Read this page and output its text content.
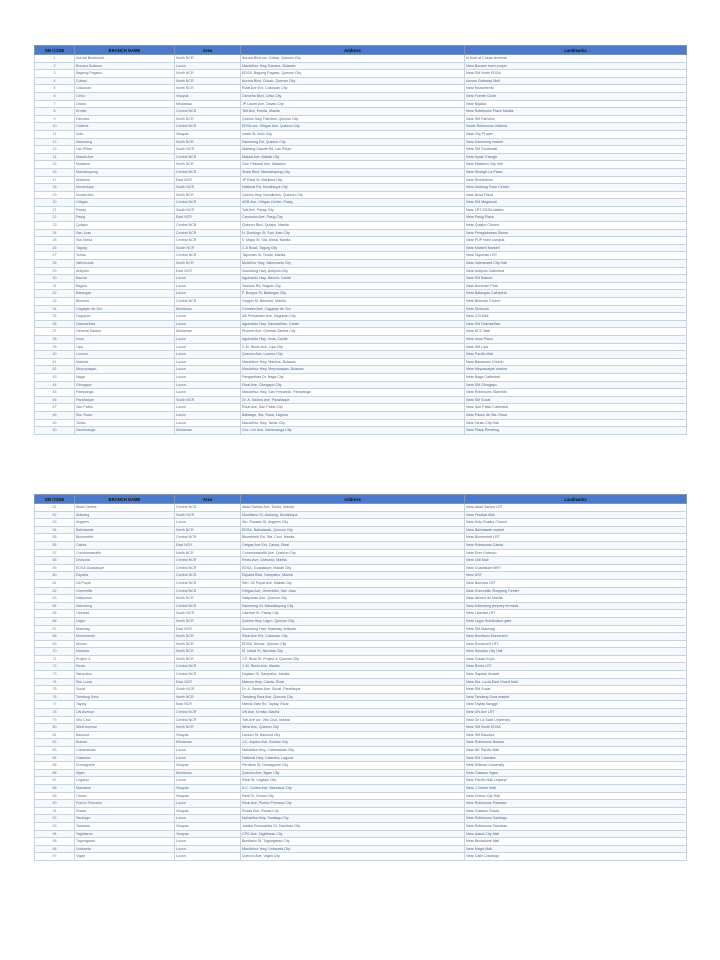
SM CODE	BRANCH NAME	Area	Address	Landmarks
1	Aurora Boulevard	North NCR	Aurora Blvd cor. Cubao, Quezon City	In front of Cubao terminal
2	Bocaue Bulacan	Luzon	MacArthur Hwy, Bocaue, Bulacan	Near Bocaue town proper
3	Bagong Pagasa	North NCR	EDSA, Bagong Pagasa, Quezon City	Near SM North EDSA
4	Cubao	North NCR	Aurora Blvd, Cubao, Quezon City	Across Gateway Mall
5	Caloocan	North NCR	Rizal Ave Ext, Caloocan City	Near Monumento
6	Cebu	Visayas	Osmeña Blvd, Cebu City	Near Fuente Circle
7	Davao	Mindanao	JP Laurel Ave, Davao City	Near Bajada
8	Ermita	Central NCR	Taft Ave, Ermita, Manila	Near Robinsons Place Manila
9	Fairview	North NCR	Quirino Hwy, Fairview, Quezon City	Near SM Fairview
10	Galleria	Central NCR	EDSA cor. Ortigas Ave, Quezon City	Inside Robinsons Galleria
11	Iloilo	Visayas	Iznart St, Iloilo City	Near City Proper
12	Kamuning	North NCR	Kamuning Rd, Quezon City	Near Kamuning market
13	Las Piñas	South NCR	Alabang-Zapote Rd, Las Piñas	Near SM Southmall
14	Makati Ave	Central NCR	Makati Ave, Makati City	Near Ayala Triangle
15	Malabon	North NCR	Gov. Pascual Ave, Malabon	Near Malabon City Hall
16	Mandaluyong	Central NCR	Shaw Blvd, Mandaluyong City	Near Shangri-La Plaza
17	Marikina	East NCR	JP Rizal St, Marikina City	Near Riverbanks
18	Muntinlupa	South NCR	National Rd, Muntinlupa City	Near Alabang Town Center
19	Novaliches	North NCR	Quirino Hwy, Novaliches, Quezon City	Near Nova Plaza
20	Ortigas	Central NCR	ADB Ave, Ortigas Center, Pasig	Near SM Megamall
21	Pasay	South NCR	Taft Ave, Pasay City	Near LRT EDSA station
22	Pasig	East NCR	Caruncho Ave, Pasig City	Near Pasig Plaza
23	Quiapo	Central NCR	Quezon Blvd, Quiapo, Manila	Near Quiapo Church
24	San Juan	Central NCR	N. Domingo St, San Juan City	Near Pinaglabanan Shrine
25	Sta. Mesa	Central NCR	V. Mapa St, Sta. Mesa, Manila	Near PUP main campus
26	Taguig	South NCR	C-5 Road, Taguig City	Near Market! Market!
27	Tondo	Central NCR	Tayuman St, Tondo, Manila	Near Tayuman LRT
28	Valenzuela	North NCR	McArthur Hwy, Valenzuela City	Near Valenzuela City Hall
29	Antipolo	East NCR	Sumulong Hwy, Antipolo City	Near Antipolo Cathedral
30	Bacoor	Luzon	Aguinaldo Hwy, Bacoor, Cavite	Near SM Bacoor
31	Baguio	Luzon	Session Rd, Baguio City	Near Burnham Park
32	Batangas	Luzon	P. Burgos St, Batangas City	Near Batangas Cathedral
33	Binondo	Central NCR	Ongpin St, Binondo, Manila	Near Binondo Church
34	Cagayan de Oro	Mindanao	Corrales Ave, Cagayan de Oro	Near Divisoria
35	Dagupan	Luzon	AB Fernandez Ave, Dagupan City	Near CSI Mall
36	Dasmariñas	Luzon	Aguinaldo Hwy, Dasmariñas, Cavite	Near SM Dasmariñas
37	General Santos	Mindanao	Pioneer Ave, General Santos City	Near KCC Mall
38	Imus	Luzon	Aguinaldo Hwy, Imus, Cavite	Near Imus Plaza
39	Lipa	Luzon	C.M. Recto Ave, Lipa City	Near SM Lipa
40	Lucena	Luzon	Quezon Ave, Lucena City	Near Pacific Mall
41	Malolos	Luzon	MacArthur Hwy, Malolos, Bulacan	Near Barasoain Church
42	Meycauayan	Luzon	MacArthur Hwy, Meycauayan, Bulacan	Near Meycauayan market
43	Naga	Luzon	Panganiban Dr, Naga City	Near Naga Cathedral
44	Olongapo	Luzon	Rizal Ave, Olongapo City	Near SM Olongapo
45	Pampanga	Luzon	MacArthur Hwy, San Fernando, Pampanga	Near Robinsons Starmills
46	Parañaque	South NCR	Dr. A. Santos Ave, Parañaque	Near SM Sucat
47	San Pablo	Luzon	Rizal Ave, San Pablo City	Near San Pablo Cathedral
48	Sta. Rosa	Luzon	Balibago, Sta. Rosa, Laguna	Near Paseo de Sta. Rosa
49	Tarlac	Luzon	MacArthur Hwy, Tarlac City	Near Tarlac City Hall
50	Zamboanga	Mindanao	Gov. Lim Ave, Zamboanga City	Near Plaza Pershing
SM CODE	BRANCH NAME	Area	Address	Landmarks
51	Abad Santos	Central NCR	Abad Santos Ave, Tondo, Manila	Near Abad Santos LRT
52	Alabang	South NCR	Montillano St, Alabang, Muntinlupa	Near Festival Mall
53	Angeles	Luzon	Sto. Rosario St, Angeles City	Near Holy Rosary Church
54	Balintawak	North NCR	EDSA, Balintawak, Quezon City	Near Balintawak market
55	Blumentritt	Central NCR	Blumentritt Rd, Sta. Cruz, Manila	Near Blumentritt LRT
56	Cainta	East NCR	Ortigas Ave Ext, Cainta, Rizal	Near Robinsons Cainta
57	Commonwealth	North NCR	Commonwealth Ave, Quezon City	Near Ever Gotesco
58	Divisoria	Central NCR	Recto Ave, Divisoria, Manila	Near 168 Mall
59	EDSA Guadalupe	Central NCR	EDSA, Guadalupe, Makati City	Near Guadalupe MRT
60	España	Central NCR	España Blvd, Sampaloc, Manila	Near UST
61	Gil Puyat	Central NCR	Sen. Gil Puyat Ave, Makati City	Near Buendia LRT
62	Greenhills	Central NCR	Ortigas Ave, Greenhills, San Juan	Near Greenhills Shopping Center
63	Katipunan	North NCR	Katipunan Ave, Quezon City	Near Ateneo de Manila
64	Kalentong	Central NCR	Kalentong St, Mandaluyong City	Near Kalentong jeepney terminal
65	Libertad	South NCR	Libertad St, Pasay City	Near Libertad LRT
66	Lagro	North NCR	Quirino Hwy, Lagro, Quezon City	Near Lagro Subdivision gate
67	Masinag	East NCR	Sumulong Hwy, Masinag, Antipolo	Near SM Masinag
68	Monumento	North NCR	Rizal Ave Ext, Caloocan City	Near Bonifacio Monument
69	Munoz	North NCR	EDSA, Munoz, Quezon City	Near Roosevelt LRT
70	Navotas	North NCR	M. Naval St, Navotas City	Near Navotas City Hall
71	Project 4	North NCR	J.P. Rizal St, Project 4, Quezon City	Near Cubao Expo
72	Recto	Central NCR	C.M. Recto Ave, Manila	Near Recto LRT
73	Sampaloc	Central NCR	Dapitan St, Sampaloc, Manila	Near Dapitan Arcade
74	Sta. Lucia	East NCR	Marcos Hwy, Cainta, Rizal	Near Sta. Lucia East Grand Mall
75	Sucat	South NCR	Dr. A. Santos Ave, Sucat, Parañaque	Near SM Sucat
76	Tandang Sora	North NCR	Tandang Sora Ave, Quezon City	Near Tandang Sora market
77	Taytay	East NCR	Manila East Rd, Taytay, Rizal	Near Taytay tiangge
78	UN Avenue	Central NCR	UN Ave, Ermita, Manila	Near UN Ave LRT
79	Vito Cruz	Central NCR	Taft Ave cor. Vito Cruz, Manila	Near De La Salle University
80	West Avenue	North NCR	West Ave, Quezon City	Near SM North EDSA
81	Bacolod	Visayas	Lacson St, Bacolod City	Near SM Bacolod
82	Butuan	Mindanao	J.C. Aquino Ave, Butuan City	Near Robinsons Butuan
83	Cabanatuan	Luzon	Maharlika Hwy, Cabanatuan City	Near NE Pacific Mall
84	Calamba	Luzon	National Hwy, Calamba, Laguna	Near SM Calamba
85	Dumaguete	Visayas	Perdices St, Dumaguete City	Near Silliman University
86	Iligan	Mindanao	Quezon Ave, Iligan City	Near Gaisano Iligan
87	Legazpi	Luzon	Rizal St, Legazpi City	Near Pacific Mall Legazpi
88	Mandaue	Visayas	A.C. Cortes Ave, Mandaue City	Near J Centre Mall
89	Ormoc	Visayas	Real St, Ormoc City	Near Ormoc City Hall
90	Puerto Princesa	Luzon	Rizal Ave, Puerto Princesa City	Near Robinsons Palawan
91	Roxas	Visayas	Roxas Ave, Roxas City	Near Gaisano Roxas
92	Santiago	Luzon	Maharlika Hwy, Santiago City	Near Robinsons Santiago
93	Tacloban	Visayas	Justice Romualdez St, Tacloban City	Near Robinsons Tacloban
94	Tagbilaran	Visayas	CPG Ave, Tagbilaran City	Near Island City Mall
95	Tuguegarao	Luzon	Bonifacio St, Tuguegarao City	Near Brickstone Mall
96	Urdaneta	Luzon	MacArthur Hwy, Urdaneta City	Near Magic Mall
97	Vigan	Luzon	Quezon Ave, Vigan City	Near Calle Crisologo
